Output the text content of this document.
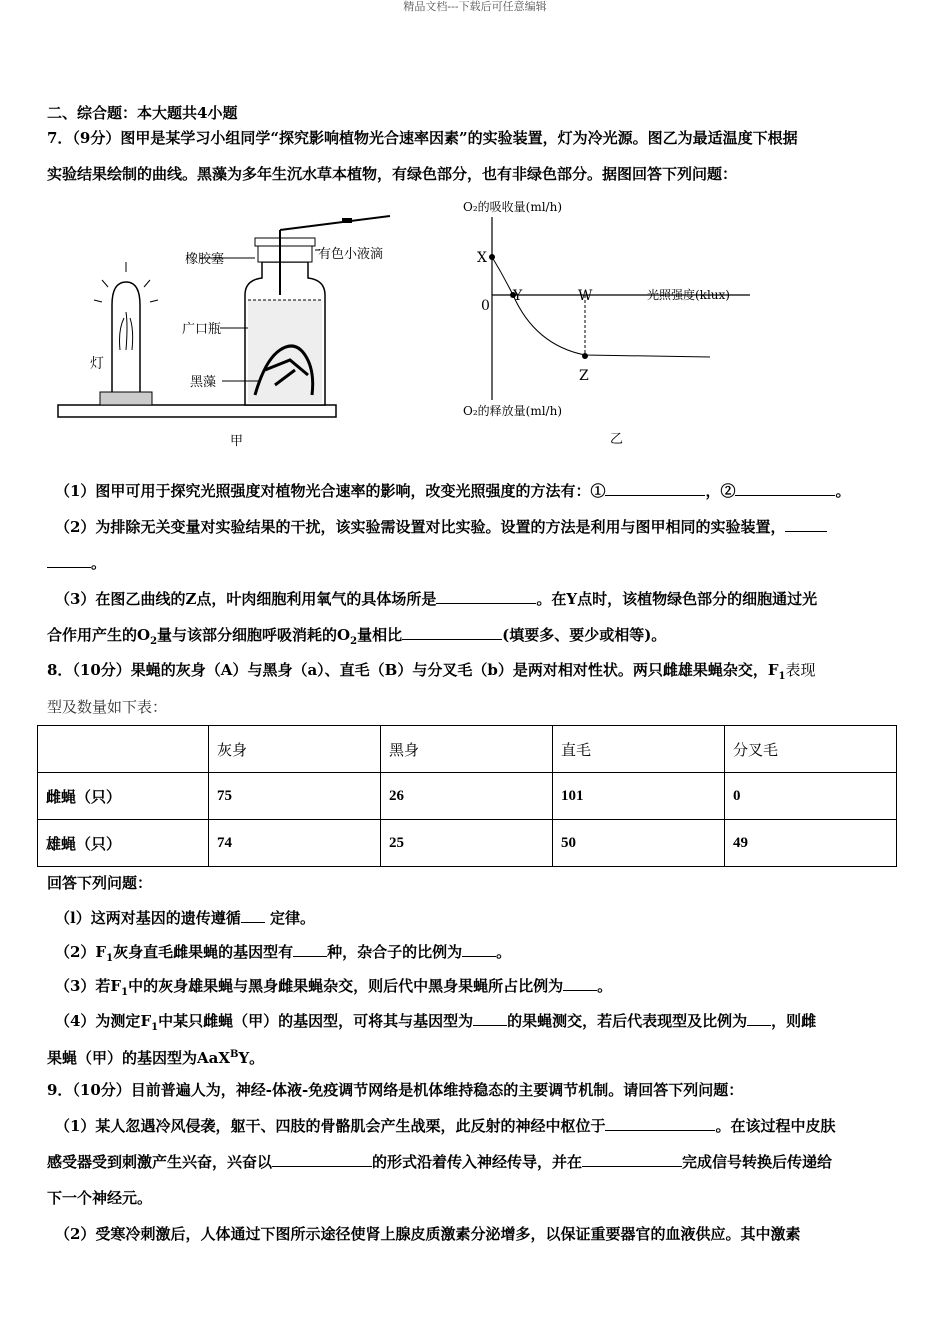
精品文档---下载后可任意编辑
二、综合题：本大题共4小题
7．（9分）图甲是某学习小组同学“探究影响植物光合速率因素”的实验装置，灯为冷光源。图乙为最适温度下根据
实验结果绘制的曲线。黑藻为多年生沉水草本植物，有绿色部分，也有非绿色部分。据图回答下列问题：
灯
橡胶塞	有色小液滴
广口瓶
黑藻
甲
O₂的吸收量(ml/h)
O₂的释放量(ml/h)
光照强度(klux)
X
0
Y	W
Z
乙
（1）图甲可用于探究光照强度对植物光合速率的影响，改变光照强度的方法有：①	，②	。
（2）为排除无关变量对实验结果的干扰，该实验需设置对比实验。设置的方法是利用与图甲相同的实验装置，
。
（3）在图乙曲线的Z点，叶肉细胞利用氧气的具体场所是	。在Y点时，该植物绿色部分的细胞通过光
合作用产生的$O_2$量与该部分细胞呼吸消耗的$O_2$量相比	(填要多、要少或相等)。
8．（10分）果蝇的灰身（A）与黑身（a）、直毛（B）与分叉毛（b）是两对相对性状。两只雌雄果蝇杂交，$F_1$表现
型及数量如下表：
	灰身	黑身	直毛	分叉毛
雌蝇（只）	75	26	101	0
雄蝇（只）	74	25	50	49
回答下列问题：
（l）这两对基因的遗传遵循 定律。
$(2)F_1$灰身直毛雌果蝇的基因型有 种，杂合子的比例为 。
（3）若$F_1$中的灰身雄果蝇与黑身雌果蝇杂交，则后代中黑身果蝇所占比例为 。
（4）为测定$F_1$中某只雌蝇（甲）的基因型，可将其与基因型为 的果蝇测交，若后代表现型及比例为 ，则雌
果蝇（甲）的基因型为AaX$^B$Y。
9．（10分）目前普遍人为，神经-体液-免疫调节网络是机体维持稳态的主要调节机制。请回答下列问题：
（1）某人忽遇冷风侵袭，躯干、四肢的骨骼肌会产生战栗，此反射的神经中枢位于	。在该过程中皮肤
感受器受到刺激产生兴奋，兴奋以	的形式沿着传入神经传导，并在	完成信号转换后传递给
下一个神经元。
（2）受寒冷刺激后，人体通过下图所示途径使肾上腺皮质激素分泌增多，以保证重要器官的血液供应。其中激素
